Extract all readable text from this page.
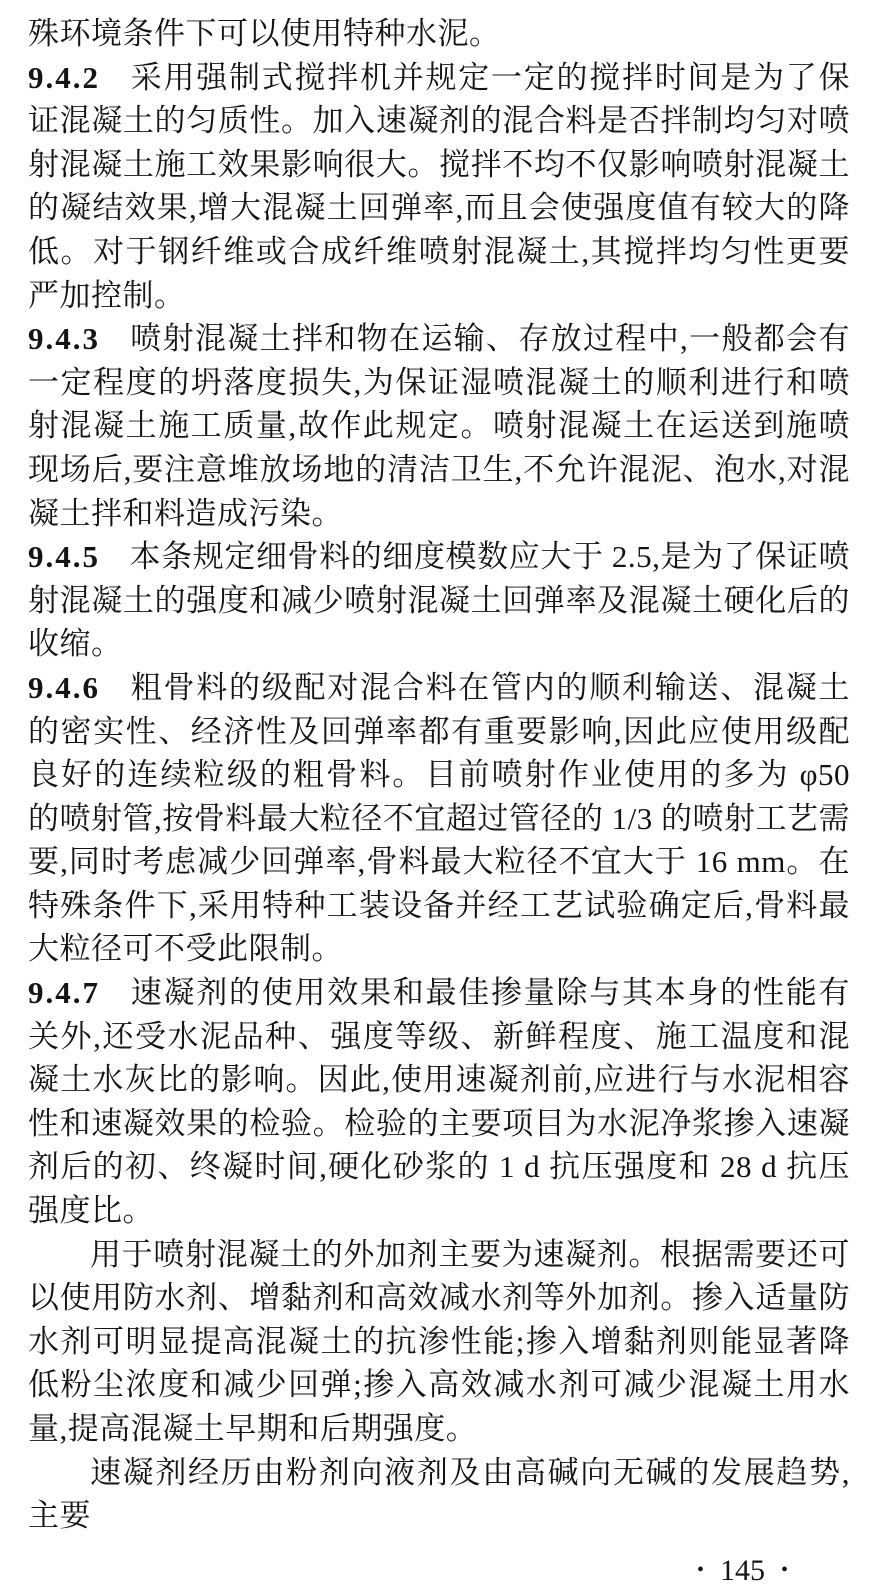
殊环境条件下可以使用特种水泥。

9.4.2 采用强制式搅拌机并规定一定的搅拌时间是为了保证混凝土的匀质性。加入速凝剂的混合料是否拌制均匀对喷射混凝土施工效果影响很大。搅拌不均不仅影响喷射混凝土的凝结效果,增大混凝土回弹率,而且会使强度值有较大的降低。对于钢纤维或合成纤维喷射混凝土,其搅拌均匀性更要严加控制。

9.4.3 喷射混凝土拌和物在运输、存放过程中,一般都会有一定程度的坍落度损失,为保证湿喷混凝土的顺利进行和喷射混凝土施工质量,故作此规定。喷射混凝土在运送到施喷现场后,要注意堆放场地的清洁卫生,不允许混泥、泡水,对混凝土拌和料造成污染。

9.4.5 本条规定细骨料的细度模数应大于 2.5,是为了保证喷射混凝土的强度和减少喷射混凝土回弹率及混凝土硬化后的收缩。

9.4.6 粗骨料的级配对混合料在管内的顺利输送、混凝土的密实性、经济性及回弹率都有重要影响,因此应使用级配良好的连续粒级的粗骨料。目前喷射作业使用的多为 φ50 的喷射管,按骨料最大粒径不宜超过管径的 1/3 的喷射工艺需要,同时考虑减少回弹率,骨料最大粒径不宜大于 16 mm。在特殊条件下,采用特种工装设备并经工艺试验确定后,骨料最大粒径可不受此限制。

9.4.7 速凝剂的使用效果和最佳掺量除与其本身的性能有关外,还受水泥品种、强度等级、新鲜程度、施工温度和混凝土水灰比的影响。因此,使用速凝剂前,应进行与水泥相容性和速凝效果的检验。检验的主要项目为水泥净浆掺入速凝剂后的初、终凝时间,硬化砂浆的 1 d 抗压强度和 28 d 抗压强度比。

用于喷射混凝土的外加剂主要为速凝剂。根据需要还可以使用防水剂、增黏剂和高效减水剂等外加剂。掺入适量防水剂可明显提高混凝土的抗渗性能;掺入增黏剂则能显著降低粉尘浓度和减少回弹;掺入高效减水剂可减少混凝土用水量,提高混凝土早期和后期强度。

速凝剂经历由粉剂向液剂及由高碱向无碱的发展趋势,主要

• 145 •
